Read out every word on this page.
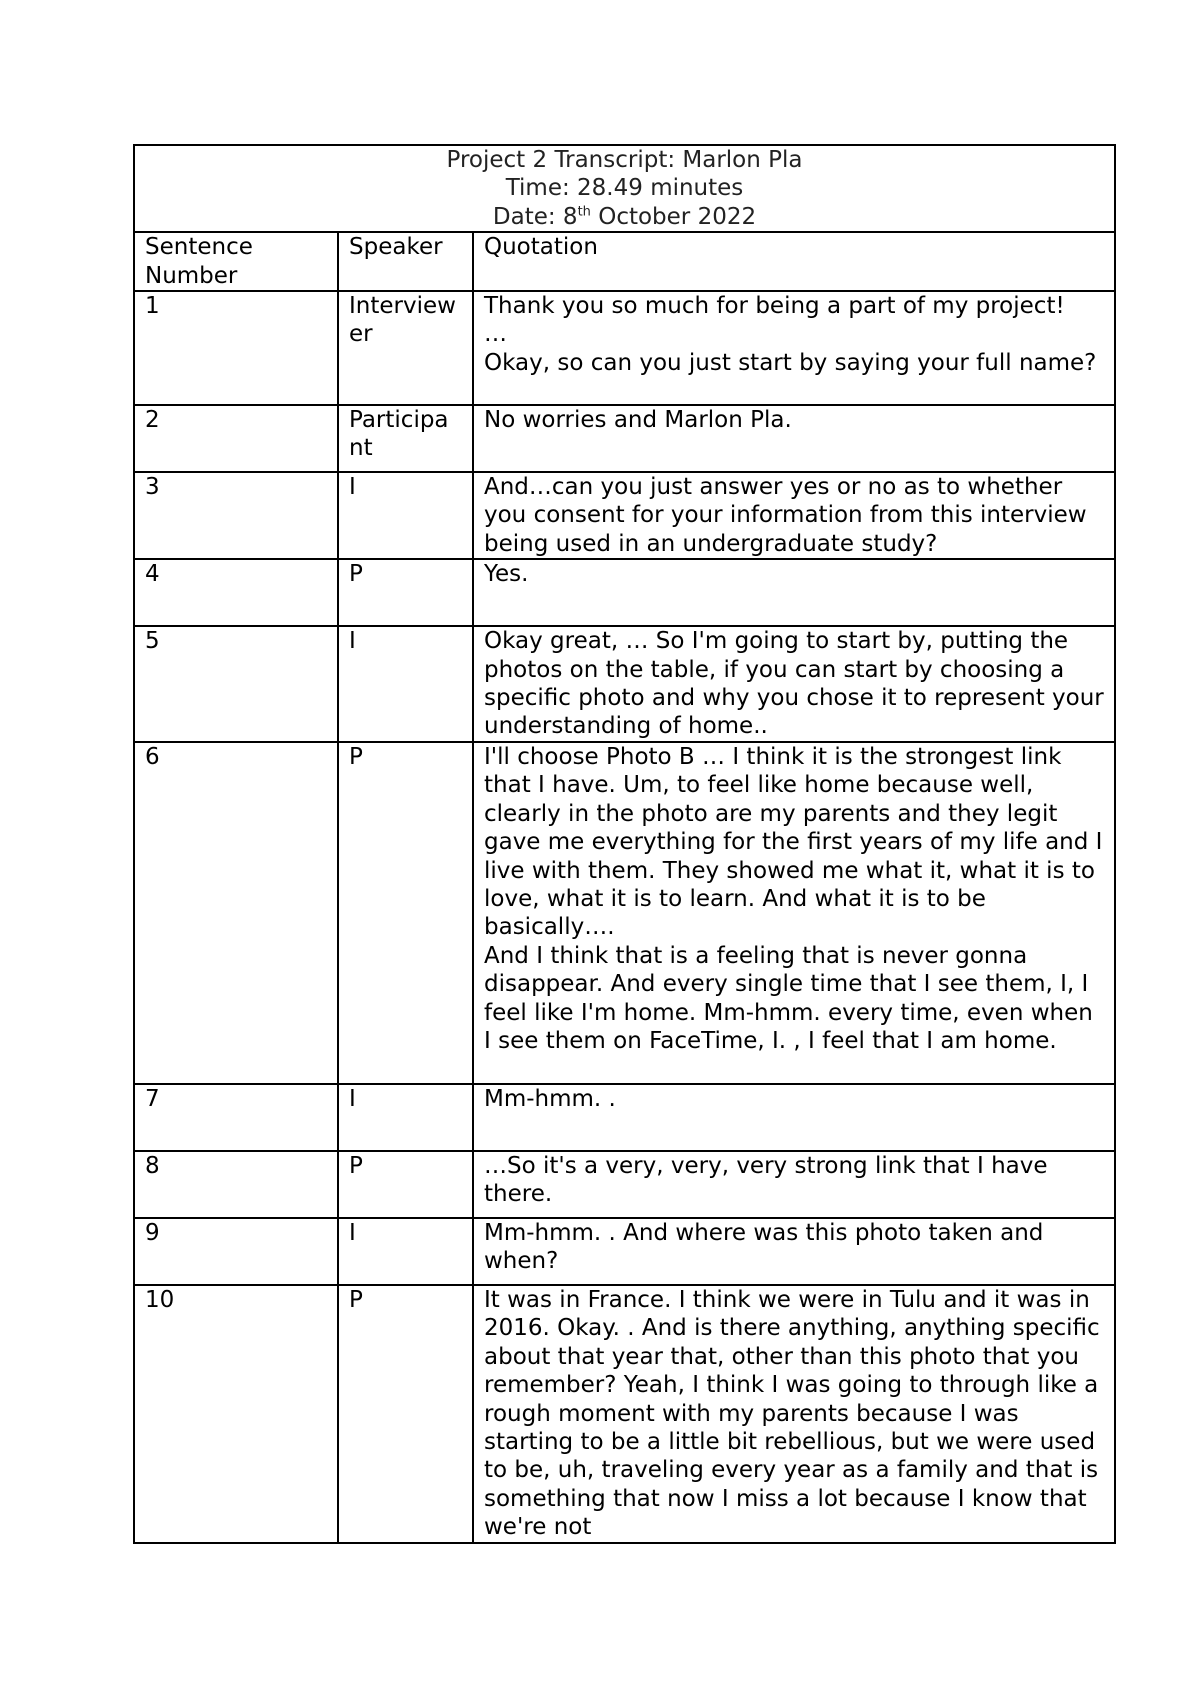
Project 2 Transcript: Marlon Pla
Time: 28.49 minutes
Date: 8th October 2022		

Sentence Number	Speaker	Quotation
1	Interviewer	Thank you so much for being a part of my project!

…

Okay, so can you just start by saying your full name?

2	Participant	No worries and Marlon Pla.

3	I	And…can you just answer yes or no as to whether you consent for your information from this interview being used in an undergraduate study?

4	P	Yes.

5	I	Okay great, … So I'm going to start by, putting the photos on the table, if you can start by choosing a specific photo and why you chose it to represent your understanding of home..

6	P	I'll choose Photo B … I think it is the strongest link that I have. Um, to feel like home because well, clearly in the photo are my parents and they legit gave me everything for the first years of my life and I live with them. They showed me what it, what it is to love, what it is to learn. And what it is to be basically….

And I think that is a feeling that is never gonna disappear. And every single time that I see them, I, I feel like I'm home. Mm-hmm. every time, even when I see them on FaceTime, I. , I feel that I am home.

7	I	Mm-hmm. .

8	P	…So it's a very, very, very strong link that I have there.

9	I	Mm-hmm. . And where was this photo taken and when?

10	P	It was in France. I think we were in Tulu and it was in 2016. Okay. . And is there anything, anything specific about that year that, other than this photo that you remember? Yeah, I think I was going to through like a rough moment with my parents because I was starting to be a little bit rebellious, but we were used to be, uh, traveling every year as a family and that is something that now I miss a lot because I know that we're not
